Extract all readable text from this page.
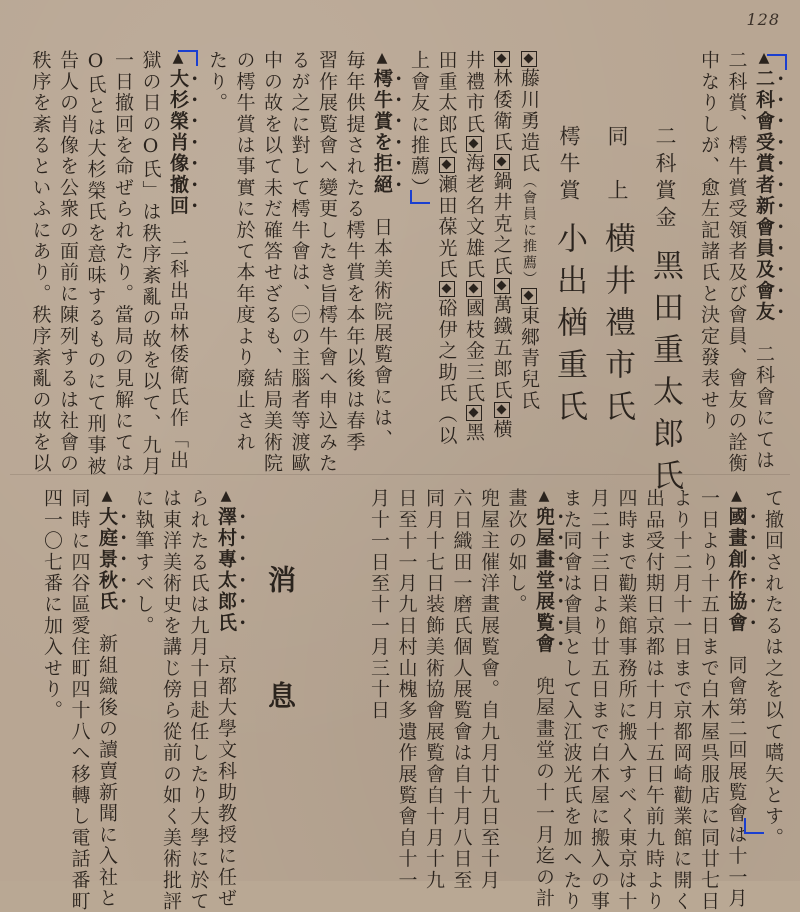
128
▲二科會受賞者新會員及會友　二科會にては
二科賞、樗牛賞受領者及び會員、會友の詮衡
中なりしが、愈左記諸氏と決定發表せり
二科賞金　黑田重太郎氏
同　上　横井禮市氏
樗牛賞　小出楢重氏
藤川勇造氏（會員に推薦）東郷青兒氏
林倭衛氏鍋井克之氏萬鐵五郎氏横
井禮市氏海老名文雄氏國枝金三氏黑
田重太郎氏瀬田葆光氏硲伊之助氏（以
上會友に推薦）
▲樗牛賞を拒絕　日本美術院展覧會には、
毎年供提されたる樗牛賞を本年以後は春季
習作展覧會へ變更したき旨樗牛會へ申込みた
るが之に對して樗牛會は、㊀の主腦者等渡歐
中の故を以て未だ確答せざるも、結局美術院
の樗牛賞は事實に於て本年度より廢止され
たり。
▲大杉榮肖像撤回　二科出品林倭衛氏作「出
獄の日のO氏」は秩序紊亂の故を以て、九月
一日撤回を命ぜられたり。當局の見解にては
O氏とは大杉榮氏を意味するものにて刑事被
告人の肖像を公衆の面前に陳列するは社會の
秩序を紊るといふにあり。秩序紊亂の故を以
て撤回されたるは之を以て嚆矢とす。
▲國畫創作協會　同會第二回展覧會は十一月
一日より十五日まで白木屋呉服店に同廿七日
より十二月十一日まで京都岡崎勸業館に開く
出品受付期日京都は十月十五日午前九時より
四時まで勸業館事務所に搬入すべく東京は十
月二十三日より廿五日まで白木屋に搬入の事
また同會は會員として入江波光氏を加へたり
▲兜屋畫堂展覧會　兜屋畫堂の十一月迄の計
畫次の如し。
兜屋主催洋畫展覧會。自九月廿九日至十月
六日織田一磨氏個人展覧會は自十月八日至
同月十七日装飾美術協會展覧會自十月十九
日至十一月九日村山槐多遺作展覧會自十一
月十一日至十一月三十日
消　息
▲澤村專太郎氏　京都大學文科助教授に任ぜ
られたる氏は九月十日赴任したり大學に於て
は東洋美術史を講じ傍ら從前の如く美術批評
に執筆すべし。
▲大庭景秋氏　新組織後の讀賣新聞に入社と
同時に四谷區愛住町四十八へ移轉し電話番町
四一〇七番に加入せり。
